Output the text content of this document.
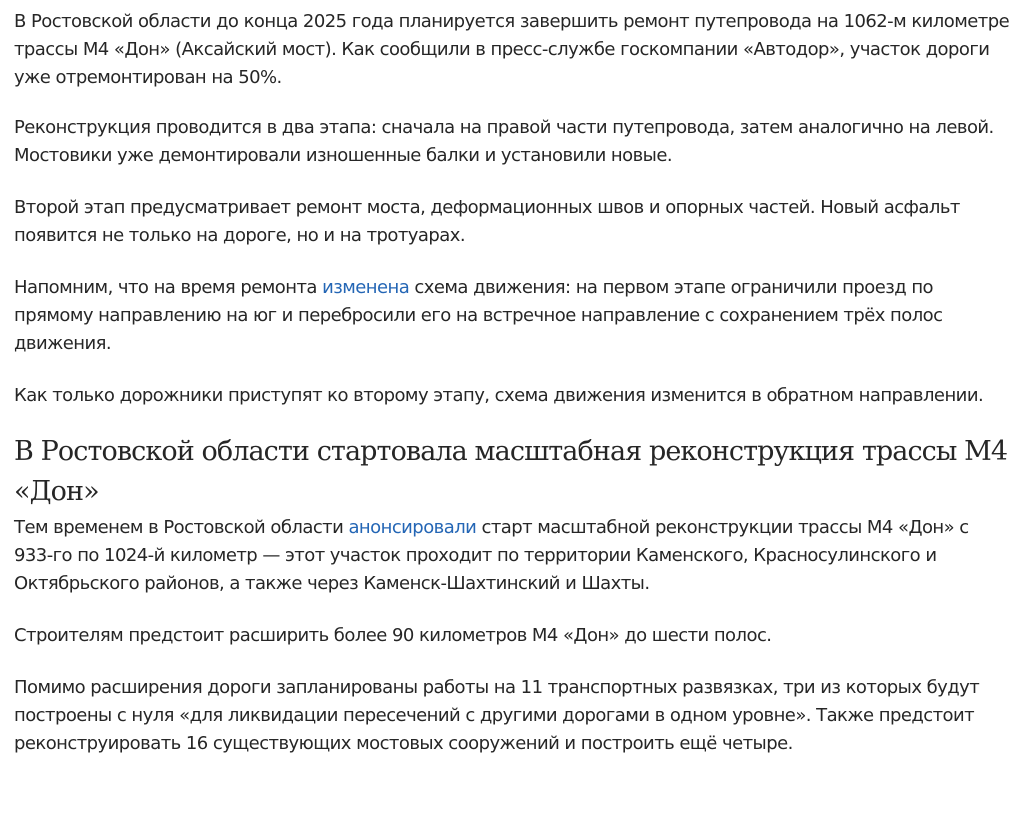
В Ростовской области до конца 2025 года планируется завершить ремонт путепровода на 1062-м километре трассы М4 «Дон» (Аксайский мост). Как сообщили в пресс-службе госкомпании «Автодор», участок дороги уже отремонтирован на 50%.

Реконструкция проводится в два этапа: сначала на правой части путепровода, затем аналогично на левой. Мостовики уже демонтировали изношенные балки и установили новые.

Второй этап предусматривает ремонт моста, деформационных швов и опорных частей. Новый асфальт появится не только на дороге, но и на тротуарах.

Напомним, что на время ремонта изменена схема движения: на первом этапе ограничили проезд по прямому направлению на юг и перебросили его на встречное направление с сохранением трёх полос движения.

Как только дорожники приступят ко второму этапу, схема движения изменится в обратном направлении.

В Ростовской области стартовала масштабная реконструкция трассы М4 «Дон»

Тем временем в Ростовской области анонсировали старт масштабной реконструкции трассы М4 «Дон» с 933-го по 1024-й километр — этот участок проходит по территории Каменского, Красносулинского и Октябрьского районов, а также через Каменск-Шахтинский и Шахты.

Строителям предстоит расширить более 90 километров М4 «Дон» до шести полос.

Помимо расширения дороги запланированы работы на 11 транспортных развязках, три из которых будут построены с нуля «для ликвидации пересечений с другими дорогами в одном уровне». Также предстоит реконструировать 16 существующих мостовых сооружений и построить ещё четыре.
